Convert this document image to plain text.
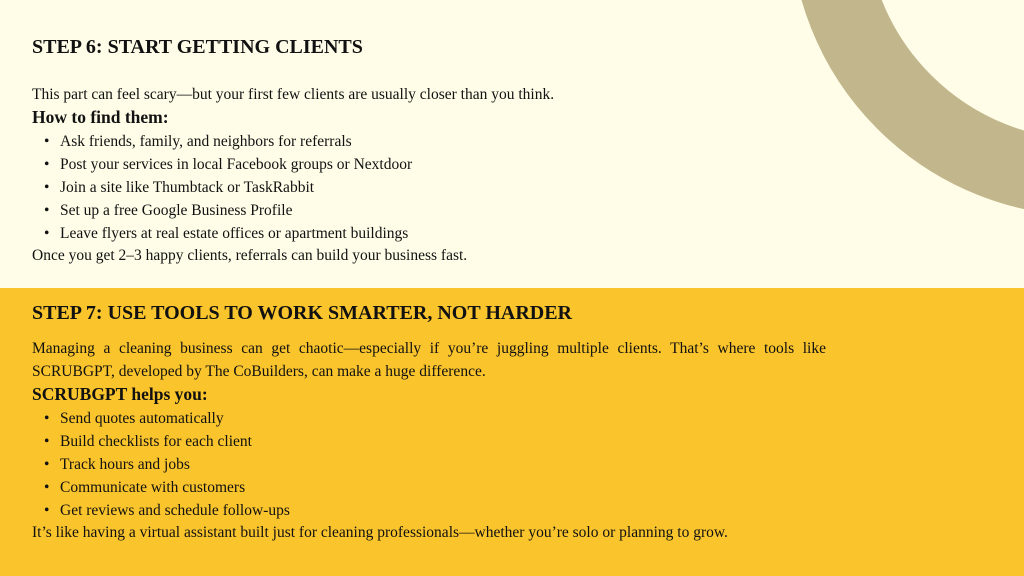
STEP 6: START GETTING CLIENTS

This part can feel scary—but your first few clients are usually closer than you think.

How to find them:

• Ask friends, family, and neighbors for referrals
• Post your services in local Facebook groups or Nextdoor
• Join a site like Thumbtack or TaskRabbit
• Set up a free Google Business Profile
• Leave flyers at real estate offices or apartment buildings

Once you get 2–3 happy clients, referrals can build your business fast.

STEP 7: USE TOOLS TO WORK SMARTER, NOT HARDER

Managing a cleaning business can get chaotic—especially if you’re juggling multiple clients. That’s where tools like SCRUBGPT, developed by The CoBuilders, can make a huge difference.

SCRUBGPT helps you:

• Send quotes automatically
• Build checklists for each client
• Track hours and jobs
• Communicate with customers
• Get reviews and schedule follow-ups

It’s like having a virtual assistant built just for cleaning professionals—whether you’re solo or planning to grow.
